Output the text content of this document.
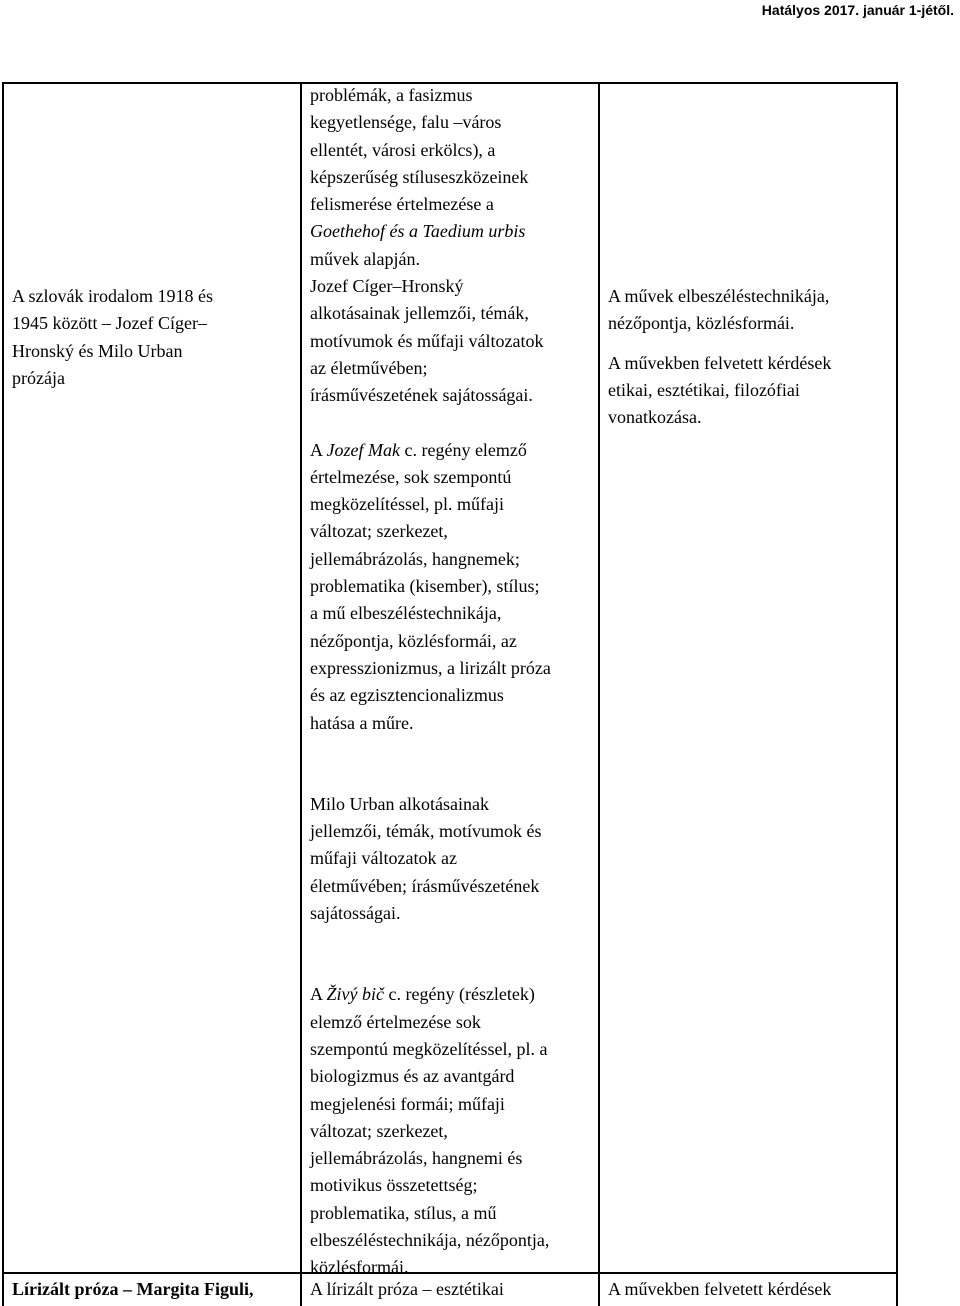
Hatályos 2017. január 1-jétől.
A szlovák irodalom 1918 és
1945 között – Jozef Cíger–
Hronský és Milo Urban
prózája
problémák, a fasizmus
kegyetlensége, falu –város
ellentét, városi erkölcs), a
képszerűség stíluseszközeinek
felismerése értelmezése a
Goethehof és a Taedium urbis
művek alapján.
Jozef Cíger–Hronský
alkotásainak jellemzői, témák,
motívumok és műfaji változatok
az életművében;
írásművészetének sajátosságai.
A Jozef Mak c. regény elemző
értelmezése, sok szempontú
megközelítéssel, pl. műfaji
változat; szerkezet,
jellemábrázolás, hangnemek;
problematika (kisember), stílus;
a mű elbeszéléstechnikája,
nézőpontja, közlésformái, az
expresszionizmus, a lirizált próza
és az egzisztencionalizmus
hatása a műre.
Milo Urban alkotásainak
jellemzői, témák, motívumok és
műfaji változatok az
életművében; írásművészetének
sajátosságai.
A Živý bič c. regény (részletek)
elemző értelmezése sok
szempontú megközelítéssel, pl. a
biologizmus és az avantgárd
megjelenési formái; műfaji
változat; szerkezet,
jellemábrázolás, hangnemi és
motivikus összetettség;
problematika, stílus, a mű
elbeszéléstechnikája, nézőpontja,
közlésformái.
A művek elbeszéléstechnikája,
nézőpontja, közlésformái.

A művekben felvetett kérdések
etikai, esztétikai, filozófiai
vonatkozása.
Lírizált próza – Margita Figuli,	A lírizált próza – esztétikai	A művekben felvetett kérdések
